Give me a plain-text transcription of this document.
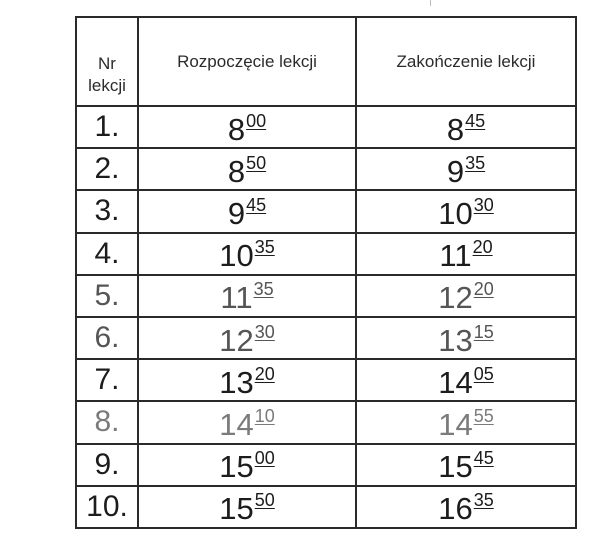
Nr
lekcji	Rozpoczęcie lekcji	Zakończenie lekcji
1.	$8^{00}$	$8^{45}$
2.	$8^{50}$	$9^{35}$
3.	$9^{45}$	$10^{30}$
4.	$10^{35}$	$11^{20}$
5.	$11^{35}$	$12^{20}$
6.	$12^{30}$	$13^{15}$
7.	$13^{20}$	$14^{05}$
8.	$14^{10}$	$14^{55}$
9.	$15^{00}$	$15^{45}$
10.	$15^{50}$	$16^{35}$
